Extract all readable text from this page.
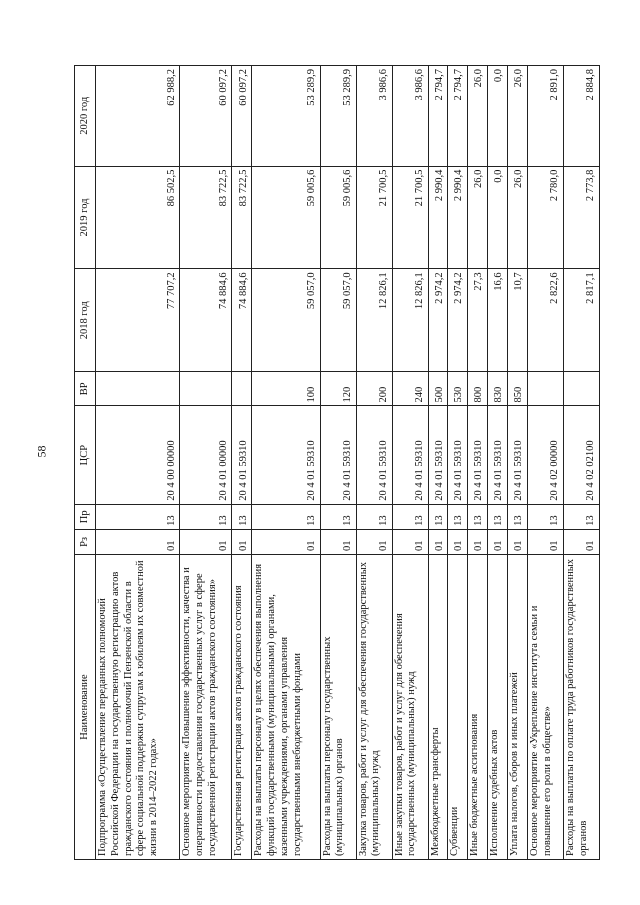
58
Наименование	Рз	Пр	ЦСР	ВР	2018 год	2019 год	2020 год
Подпрограмма «Осуществление переданных полномочий Российской Федерации на государственную регистрацию актов гражданского состояния и полномочий Пензенской области в сфере социальной поддержки супругам к юбилеям их совместной жизни в 2014–2022 годах»	01	13	20 4 00 00000		77 707,2	86 502,5	62 988,2
Основное мероприятие «Повышение эффективности, качества и оперативности предоставления государственных услуг в сфере государственной регистрации актов гражданского состояния»	01	13	20 4 01 00000		74 884,6	83 722,5	60 097,2
Государственная регистрация актов гражданского состояния	01	13	20 4 01 59310		74 884,6	83 722,5	60 097,2
Расходы на выплаты персоналу в целях обеспечения выполнения функций государственными (муниципальными) органами, казенными учреждениями, органами управления государственными внебюджетными фондами	01	13	20 4 01 59310	100	59 057,0	59 005,6	53 289,9
Расходы на выплаты персоналу государственных (муниципальных) органов	01	13	20 4 01 59310	120	59 057,0	59 005,6	53 289,9
Закупка товаров, работ и услуг для обеспечения государственных (муниципальных) нужд	01	13	20 4 01 59310	200	12 826,1	21 700,5	3 986,6
Иные закупки товаров, работ и услуг для обеспечения государственных (муниципальных) нужд	01	13	20 4 01 59310	240	12 826,1	21 700,5	3 986,6
Межбюджетные трансферты	01	13	20 4 01 59310	500	2 974,2	2 990,4	2 794,7
Субвенции	01	13	20 4 01 59310	530	2 974,2	2 990,4	2 794,7
Иные бюджетные ассигнования	01	13	20 4 01 59310	800	27,3	26,0	26,0
Исполнение судебных актов	01	13	20 4 01 59310	830	16,6	0,0	0,0
Уплата налогов, сборов и иных платежей	01	13	20 4 01 59310	850	10,7	26,0	26,0
Основное мероприятие «Укрепление института семьи и повышение его роли в обществе»	01	13	20 4 02 00000		2 822,6	2 780,0	2 891,0
Расходы на выплаты по оплате труда работников государственных органов	01	13	20 4 02 02100		2 817,1	2 773,8	2 884,8
